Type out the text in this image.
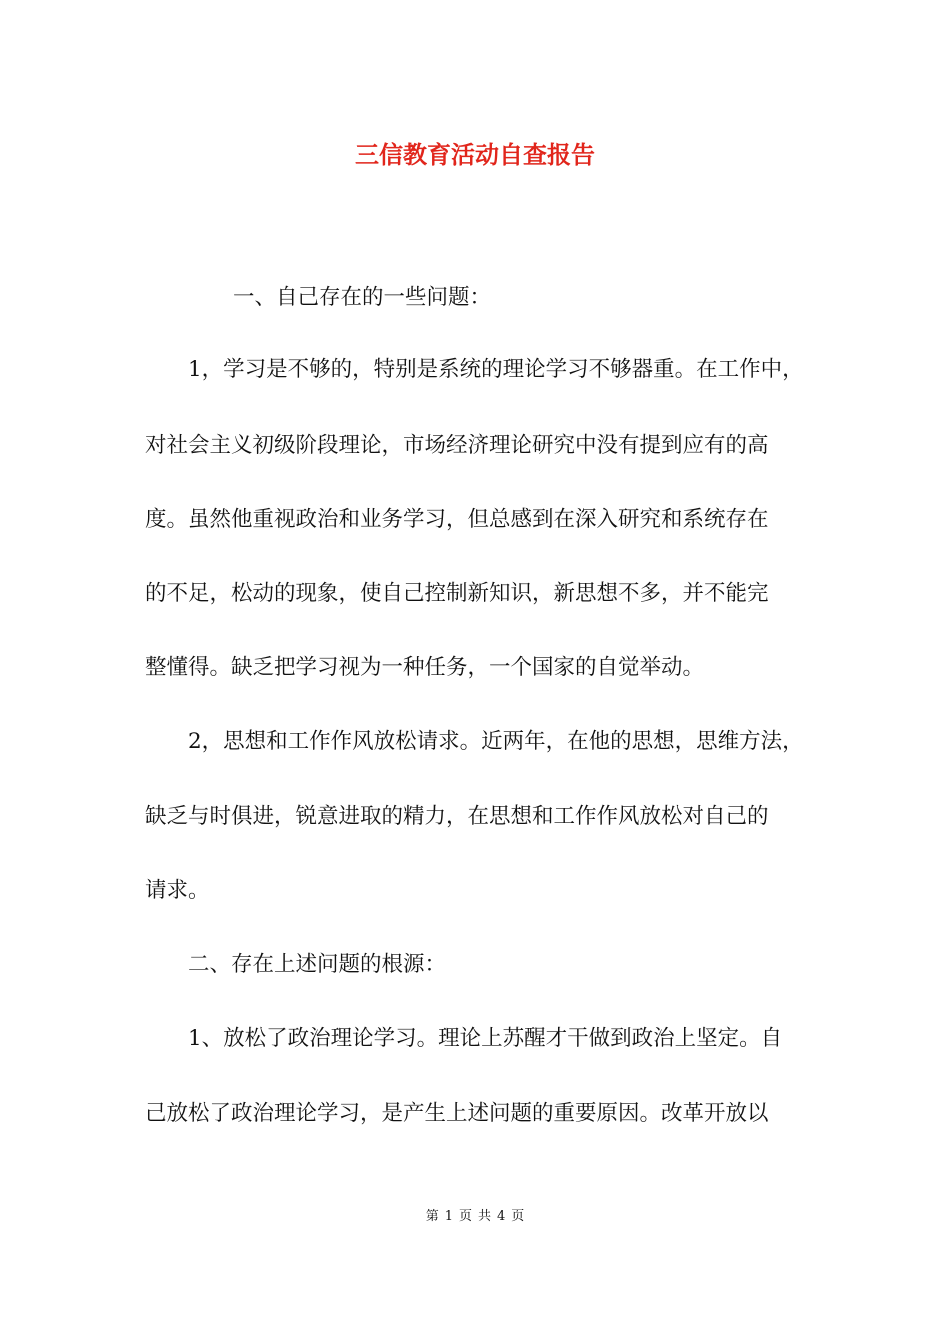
三信教育活动自查报告
一、自己存在的一些问题：
1，学习是不够的，特别是系统的理论学习不够器重。在工作中，
对社会主义初级阶段理论，市场经济理论研究中没有提到应有的高
度。虽然他重视政治和业务学习，但总感到在深入研究和系统存在
的不足，松动的现象，使自己控制新知识，新思想不多，并不能完
整懂得。缺乏把学习视为一种任务，一个国家的自觉举动。
2，思想和工作作风放松请求。近两年，在他的思想，思维方法，
缺乏与时俱进，锐意进取的精力，在思想和工作作风放松对自己的
请求。
二、存在上述问题的根源：
1、放松了政治理论学习。理论上苏醒才干做到政治上坚定。自
己放松了政治理论学习，是产生上述问题的重要原因。改革开放以
第 1 页 共 4 页
